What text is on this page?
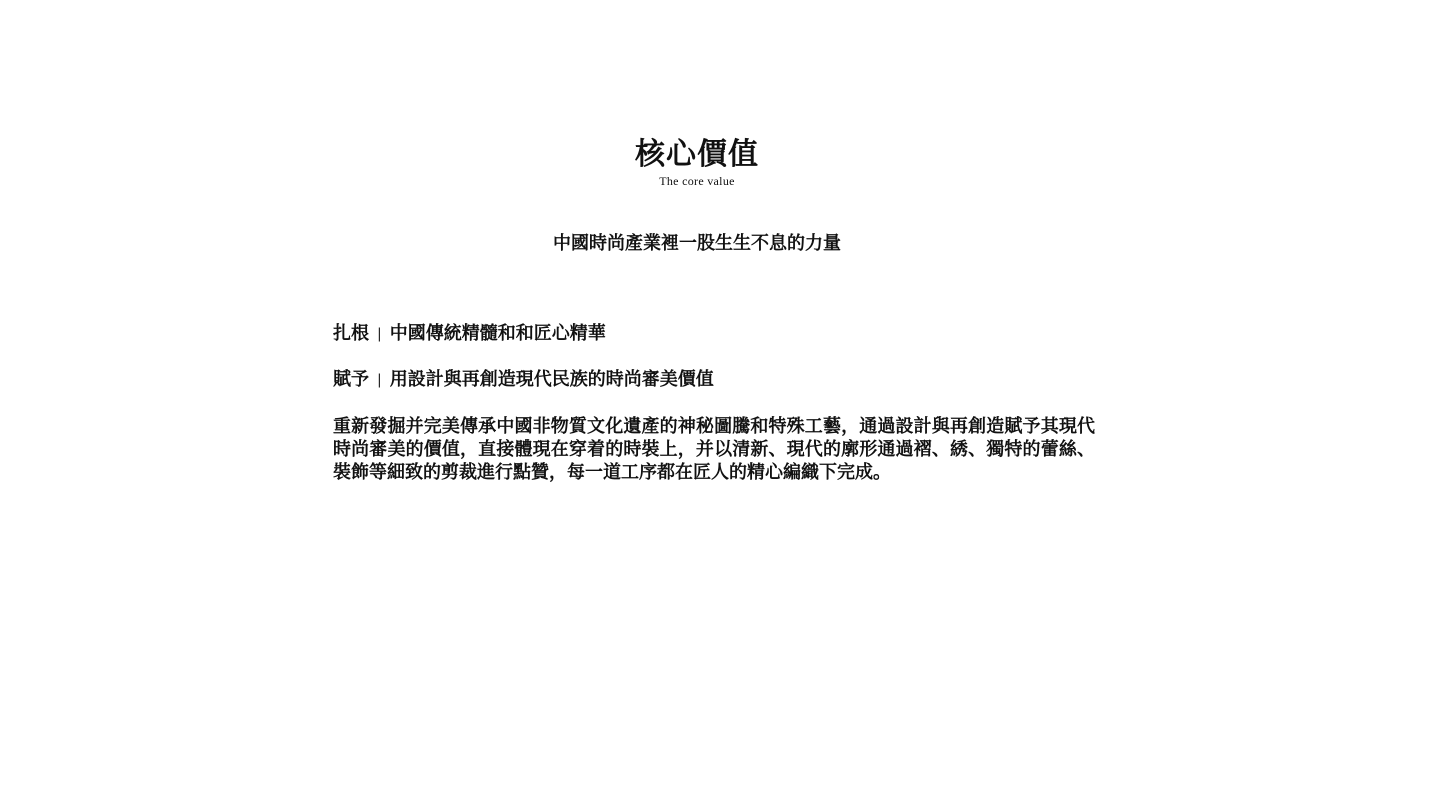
核心價值
The core value
中國時尚產業裡一股生生不息的力量

扎根 | 中國傳統精髓和和匠心精華

賦予 | 用設計與再創造現代民族的時尚審美價值

重新發掘并完美傳承中國非物質文化遺產的神秘圖騰和特殊工藝，通過設計與再創造賦予其現代時尚審美的價值，直接體現在穿着的時裝上，并以清新、現代的廓形通過褶、綉、獨特的蕾絲、裝飾等細致的剪裁進行點贊，每一道工序都在匠人的精心編織下完成。
